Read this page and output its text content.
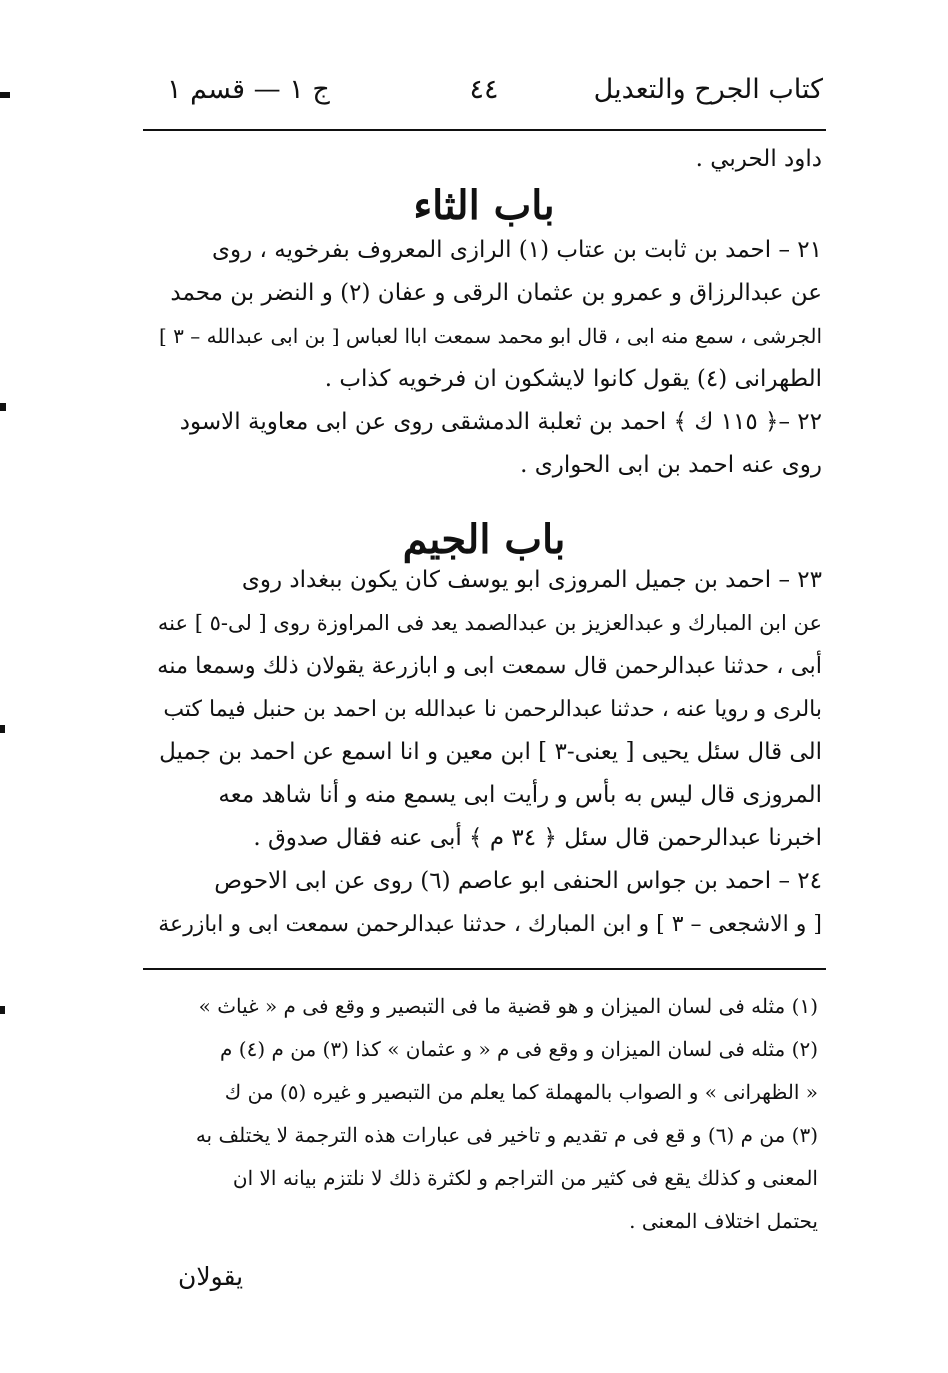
كتاب الجرح والتعديل
٤٤
ج ١ — قسم ١
داود الحربي .
باب الثاء
٢١ – احمد بن ثابت بن عتاب (١) الرازى المعروف بفرخويه ، روى
عن عبدالرزاق و عمرو بن عثمان الرقى و عفان (٢) و النضر بن محمد
الجرشى ، سمع منه ابى ، قال ابو محمد سمعت اباا لعباس [ بن ابى عبدالله – ٣ ]
الطهرانى (٤) يقول كانوا لايشكون ان فرخويه كذاب .
٢٢ –﴿ ١١٥ ك ﴾ احمد بن ثعلبة الدمشقى روى عن ابى معاوية الاسود
روى عنه احمد بن ابى الحوارى .
باب الجيم
٢٣ – احمد بن جميل المروزى ابو يوسف كان يكون ببغداد روى
عن ابن المبارك و عبدالعزيز بن عبدالصمد يعد فى المراوزة روى [ لى-٥ ] عنه
أبى ، حدثنا عبدالرحمن قال سمعت ابى و ابازرعة يقولان ذلك وسمعا منه
بالرى و رويا عنه ، حدثنا عبدالرحمن نا عبدالله بن احمد بن حنبل فيما كتب
الى قال سئل يحيى [ يعنى-٣ ] ابن معين و انا اسمع عن احمد بن جميل
المروزى قال ليس به بأس و رأيت ابى يسمع منه و أنا شاهد معه
اخبرنا عبدالرحمن قال سئل ﴿ ٣٤ م ﴾ أبى عنه فقال صدوق .
٢٤ – احمد بن جواس الحنفى ابو عاصم (٦) روى عن ابى الاحوص
[ و الاشجعى – ٣ ] و ابن المبارك ، حدثنا عبدالرحمن سمعت ابى و ابازرعة
(١) مثله فى لسان الميزان و هو قضية ما فى التبصير و وقع فى م « غياث »
(٢) مثله فى لسان الميزان و وقع فى م « و عثمان » كذا (٣) من م (٤) م
« الظهرانى » و الصواب بالمهملة كما يعلم من التبصير و غيره (٥) من ك
(٣) من م (٦) و قع فى م تقديم و تاخير فى عبارات هذه الترجمة لا يختلف به
المعنى و كذلك يقع فى كثير من التراجم و لكثرة ذلك لا نلتزم بيانه الا ان
يحتمل اختلاف المعنى .
يقولان
